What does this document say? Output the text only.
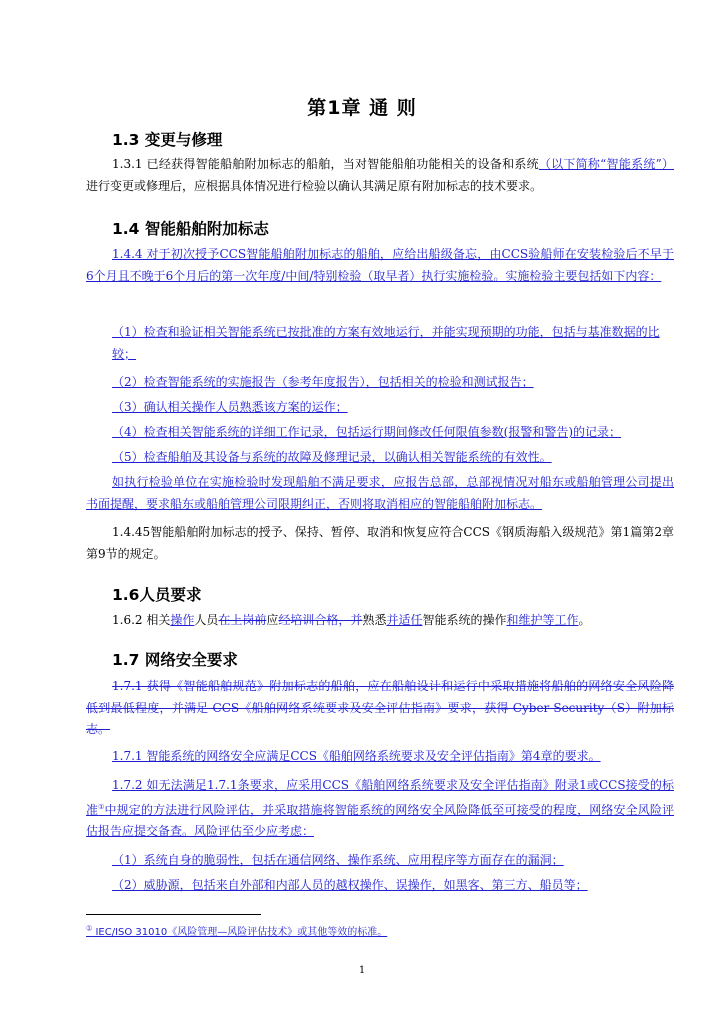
第1章 通 则
1.3 变更与修理
1.3.1 已经获得智能船舶附加标志的船舶，当对智能船舶功能相关的设备和系统（以下简称“智能系统”）进行变更或修理后，应根据具体情况进行检验以确认其满足原有附加标志的技术要求。
1.4 智能船舶附加标志
1.4.4 对于初次授予CCS智能船舶附加标志的船舶，应给出船级备忘，由CCS验船师在安装检验后不早于6个月且不晚于6个月后的第一次年度/中间/特别检验（取早者）执行实施检验。实施检验主要包括如下内容：
（1）检查和验证相关智能系统已按批准的方案有效地运行，并能实现预期的功能，包括与基准数据的比较；
（2）检查智能系统的实施报告（参考年度报告），包括相关的检验和测试报告；
（3）确认相关操作人员熟悉该方案的运作；
（4）检查相关智能系统的详细工作记录，包括运行期间修改任何限值参数(报警和警告)的记录；
（5）检查船舶及其设备与系统的故障及修理记录，以确认相关智能系统的有效性。
如执行检验单位在实施检验时发现船舶不满足要求，应报告总部，总部视情况对船东或船舶管理公司提出书面提醒，要求船东或船舶管理公司限期纠正，否则将取消相应的智能船舶附加标志。
1.4.45智能船舶附加标志的授予、保持、暂停、取消和恢复应符合CCS《钢质海船入级规范》第1篇第2章第9节的规定。
1.6人员要求
1.6.2 相关操作人员在上岗前应经培训合格，并熟悉并适任智能系统的操作和维护等工作。
1.7 网络安全要求
1.7.1 获得《智能船舶规范》附加标志的船舶，应在船舶设计和运行中采取措施将船舶的网络安全风险降低到最低程度，并满足 CCS《船舶网络系统要求及安全评估指南》要求，获得 Cyber Security（S）附加标志。
1.7.1 智能系统的网络安全应满足CCS《船舶网络系统要求及安全评估指南》第4章的要求。
1.7.2 如无法满足1.7.1条要求，应采用CCS《船舶网络系统要求及安全评估指南》附录1或CCS接受的标准①中规定的方法进行风险评估，并采取措施将智能系统的网络安全风险降低至可接受的程度，网络安全风险评估报告应提交备查。风险评估至少应考虑：
（1）系统自身的脆弱性，包括在通信网络、操作系统、应用程序等方面存在的漏洞；
（2）威胁源，包括来自外部和内部人员的越权操作、误操作，如黑客、第三方、船员等；
① IEC/ISO 31010《风险管理—风险评估技术》或其他等效的标准。
1
